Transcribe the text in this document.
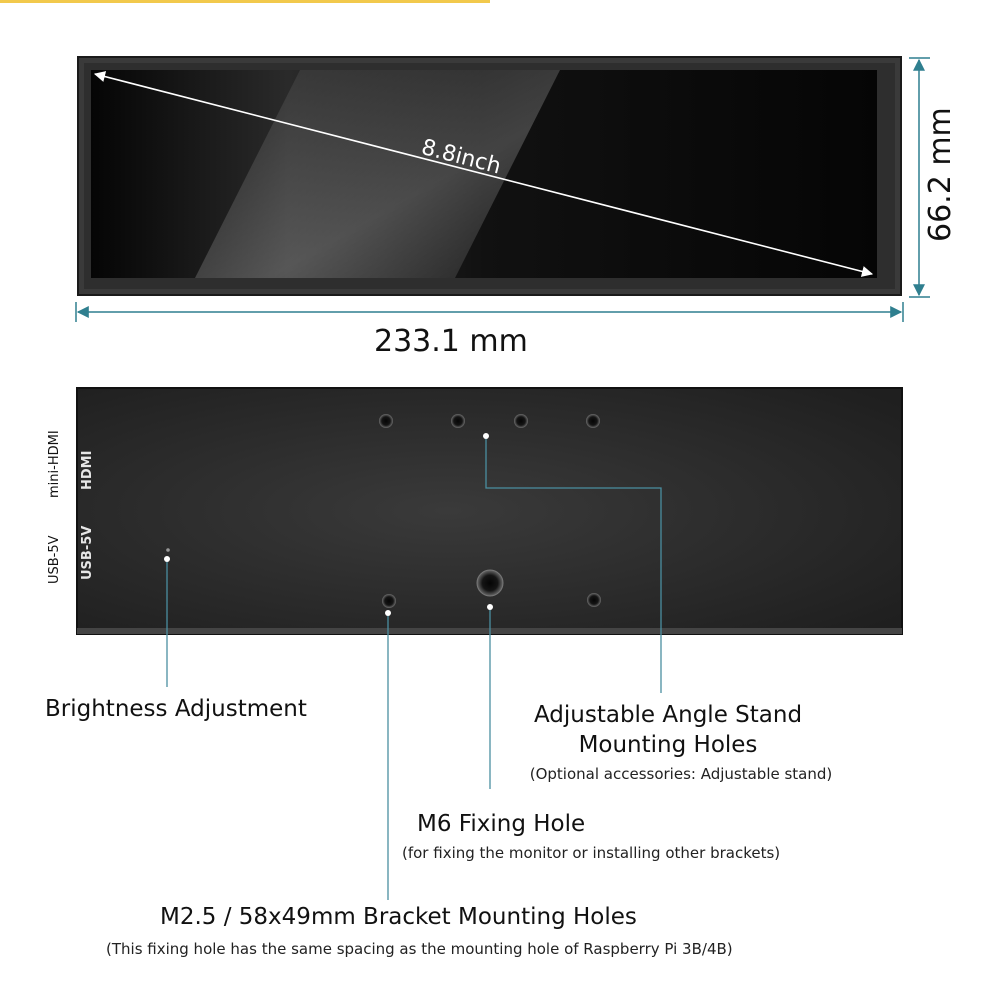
8.8inch	66.2 mm
233.1 mm
mini-HDMI
USB-5V
HDMI
USB-5V
Brightness Adjustment	Adjustable Angle Stand
Mounting Holes
(Optional accessories: Adjustable stand)
M6 Fixing Hole
(for fixing the monitor or installing other brackets)
M2.5 / 58x49mm Bracket Mounting Holes
(This fixing hole has the same spacing as the mounting hole of Raspberry Pi 3B/4B)
